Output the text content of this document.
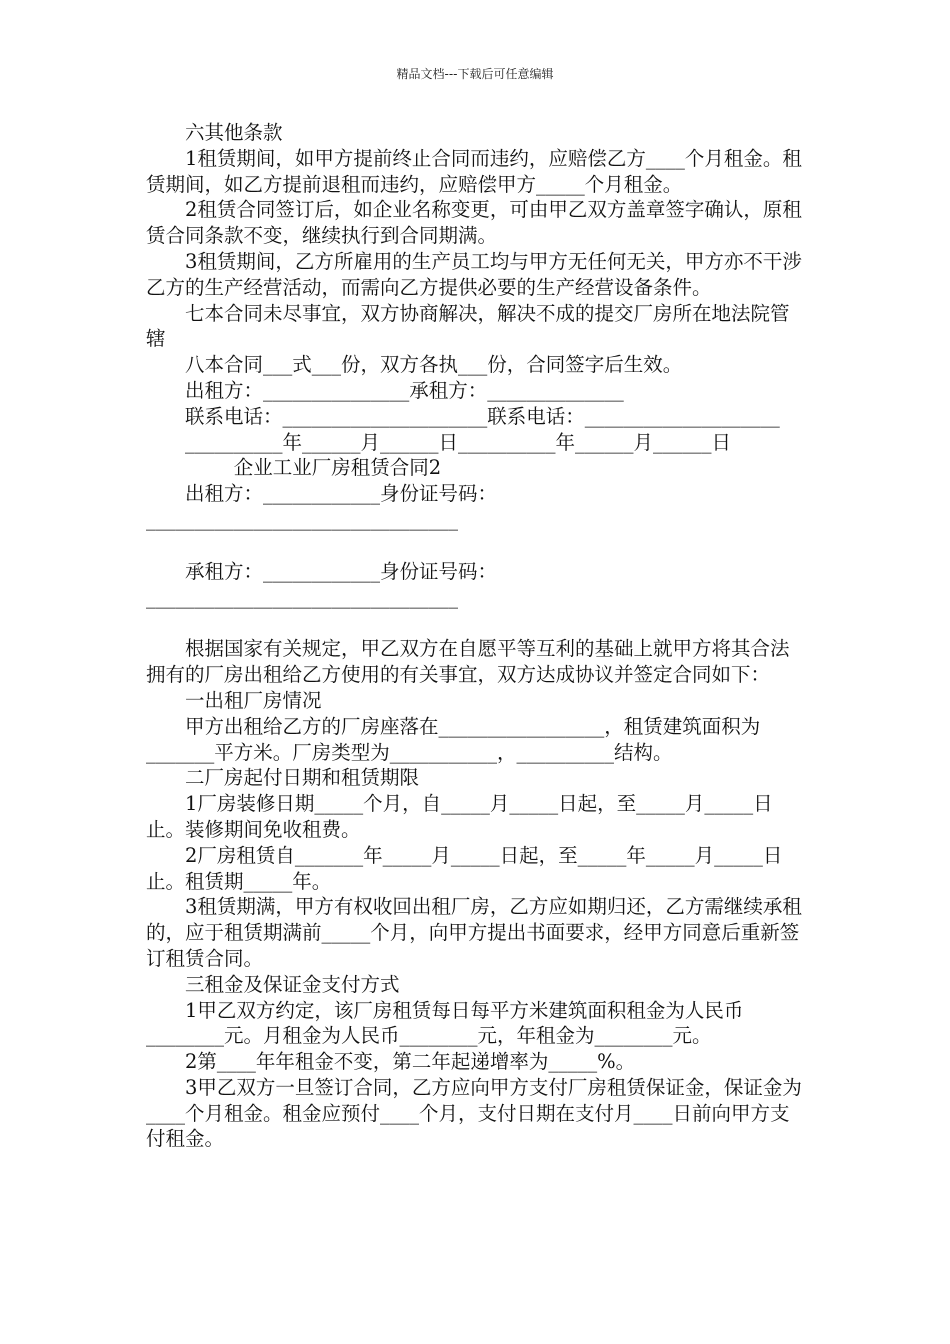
精品文档---下载后可任意编辑

六其他条款

1租赁期间，如甲方提前终止合同而违约，应赔偿乙方____个月租金。租赁期间，如乙方提前退租而违约，应赔偿甲方_____个月租金。

2租赁合同签订后，如企业名称变更，可由甲乙双方盖章签字确认，原租赁合同条款不变，继续执行到合同期满。

3租赁期间，乙方所雇用的生产员工均与甲方无任何无关，甲方亦不干涉乙方的生产经营活动，而需向乙方提供必要的生产经营设备条件。

七本合同未尽事宜，双方协商解决，解决不成的提交厂房所在地法院管辖

八本合同___式___份，双方各执___份，合同签字后生效。

出租方：_______________承租方：______________

联系电话：_____________________联系电话：____________________

__________年______月______日__________年______月______日

企业工业厂房租赁合同2

出租方：____________身份证号码：________________________________

承租方：____________身份证号码：________________________________

根据国家有关规定，甲乙双方在自愿平等互利的基础上就甲方将其合法拥有的厂房出租给乙方使用的有关事宜，双方达成协议并签定合同如下：

一出租厂房情况

甲方出租给乙方的厂房座落在_________________，租赁建筑面积为_______平方米。厂房类型为___________，__________结构。

二厂房起付日期和租赁期限

1厂房装修日期_____个月，自_____月_____日起，至_____月_____日止。装修期间免收租费。

2厂房租赁自_______年_____月_____日起，至_____年_____月_____日止。租赁期_____年。

3租赁期满，甲方有权收回出租厂房，乙方应如期归还，乙方需继续承租的，应于租赁期满前_____个月，向甲方提出书面要求，经甲方同意后重新签订租赁合同。

三租金及保证金支付方式

1甲乙双方约定，该厂房租赁每日每平方米建筑面积租金为人民币________元。月租金为人民币________元，年租金为________元。

2第____年年租金不变，第二年起递增率为_____%。

3甲乙双方一旦签订合同，乙方应向甲方支付厂房租赁保证金，保证金为____个月租金。租金应预付____个月，支付日期在支付月____日前向甲方支付租金。
